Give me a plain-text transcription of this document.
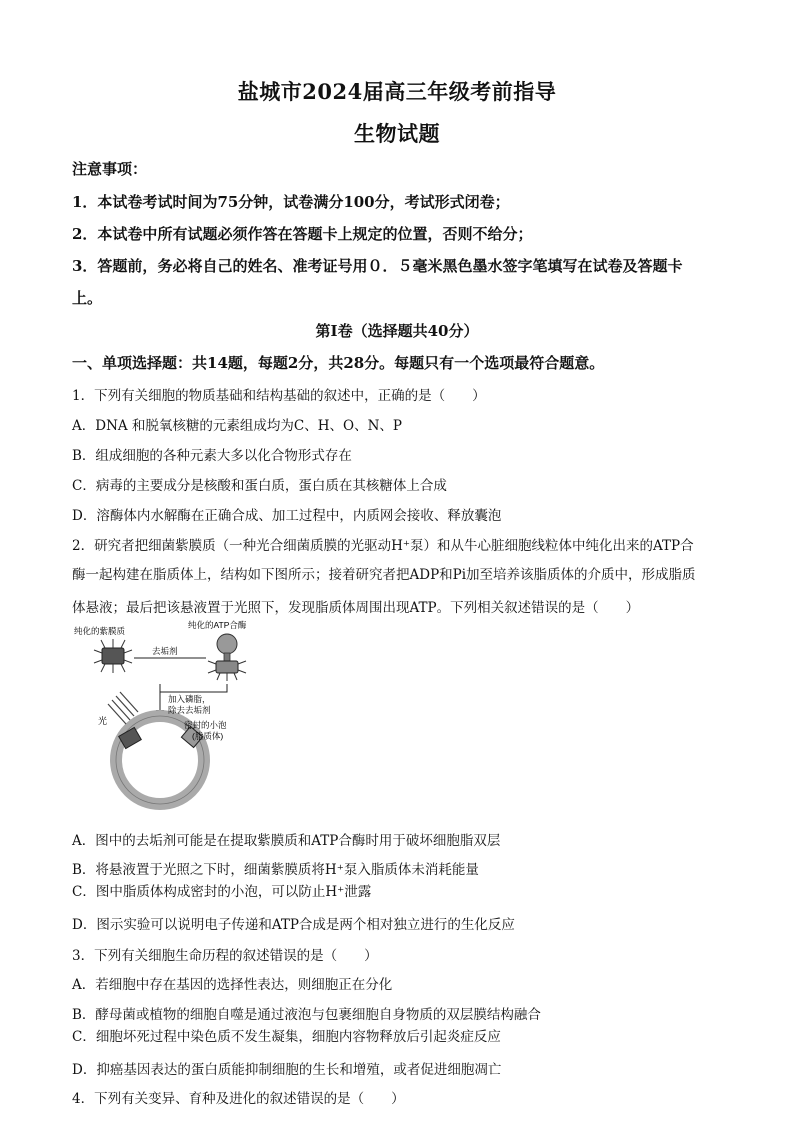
盐城市2024届高三年级考前指导
生物试题
注意事项：
1．本试卷考试时间为75分钟，试卷满分100分，考试形式闭卷；
2．本试卷中所有试题必须作答在答题卡上规定的位置，否则不给分；
3．答题前，务必将自己的姓名、准考证号用０．５毫米黑色墨水签字笔填写在试卷及答题卡
上。
第Ⅰ卷（选择题共40分）
一、单项选择题：共14题，每题2分，共28分。每题只有一个选项最符合题意。
1．下列有关细胞的物质基础和结构基础的叙述中，正确的是（　　）
A．DNA 和脱氧核糖的元素组成均为C、H、O、N、P
B．组成细胞的各种元素大多以化合物形式存在
C．病毒的主要成分是核酸和蛋白质，蛋白质在其核糖体上合成
D．溶酶体内水解酶在正确合成、加工过程中，内质网会接收、释放囊泡
2．研究者把细菌紫膜质（一种光合细菌质膜的光驱动H⁺泵）和从牛心脏细胞线粒体中纯化出来的ATP合
酶一起构建在脂质体上，结构如下图所示；接着研究者把ADP和Pi加至培养该脂质体的介质中，形成脂质
体悬液；最后把该悬液置于光照下，发现脂质体周围出现ATP。下列相关叙述错误的是（　　）
纯化的紫膜质
纯化的ATP合酶
去垢剂
加入磷脂，
除去去垢剂
密封的小泡
(脂质体)
光
A．图中的去垢剂可能是在提取紫膜质和ATP合酶时用于破坏细胞脂双层
B．将悬液置于光照之下时，细菌紫膜质将H⁺泵入脂质体未消耗能量
C．图中脂质体构成密封的小泡，可以防止H⁺泄露
D．图示实验可以说明电子传递和ATP合成是两个相对独立进行的生化反应
3．下列有关细胞生命历程的叙述错误的是（　　）
A．若细胞中存在基因的选择性表达，则细胞正在分化
B．酵母菌或植物的细胞自噬是通过液泡与包裹细胞自身物质的双层膜结构融合
C．细胞坏死过程中染色质不发生凝集，细胞内容物释放后引起炎症反应
D．抑癌基因表达的蛋白质能抑制细胞的生长和增殖，或者促进细胞凋亡
4．下列有关变异、育种及进化的叙述错误的是（　　）
